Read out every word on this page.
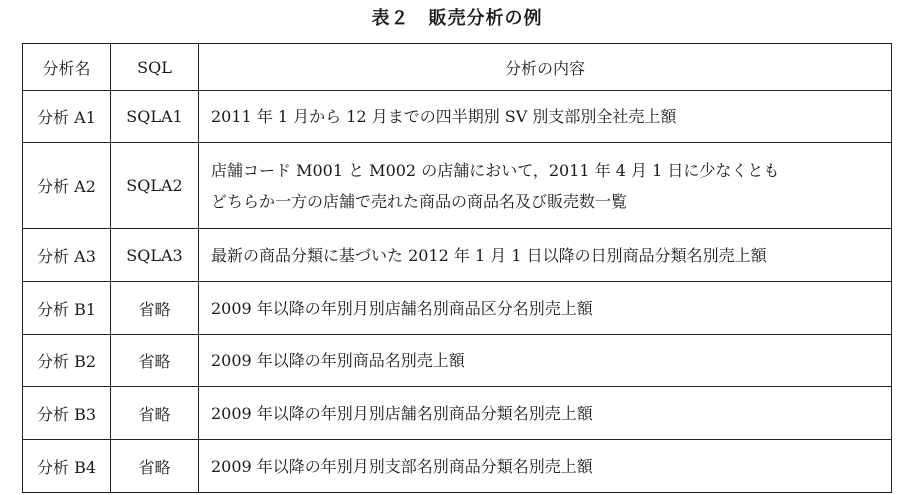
表２　販売分析の例
分析名	SQL	分析の内容
分析 A1	SQLA1	2011 年 1 月から 12 月までの四半期別 SV 別支部別全社売上額
分析 A2	SQLA2	店舗コード M001 と M002 の店舗において，2011 年 4 月 1 日に少なくとも
どちらか一方の店舗で売れた商品の商品名及び販売数一覧

分析 A3	SQLA3	最新の商品分類に基づいた 2012 年 1 月 1 日以降の日別商品分類名別売上額
分析 B1	省略	2009 年以降の年別月別店舗名別商品区分名別売上額
分析 B2	省略	2009 年以降の年別商品名別売上額
分析 B3	省略	2009 年以降の年別月別店舗名別商品分類名別売上額
分析 B4	省略	2009 年以降の年別月別支部名別商品分類名別売上額
